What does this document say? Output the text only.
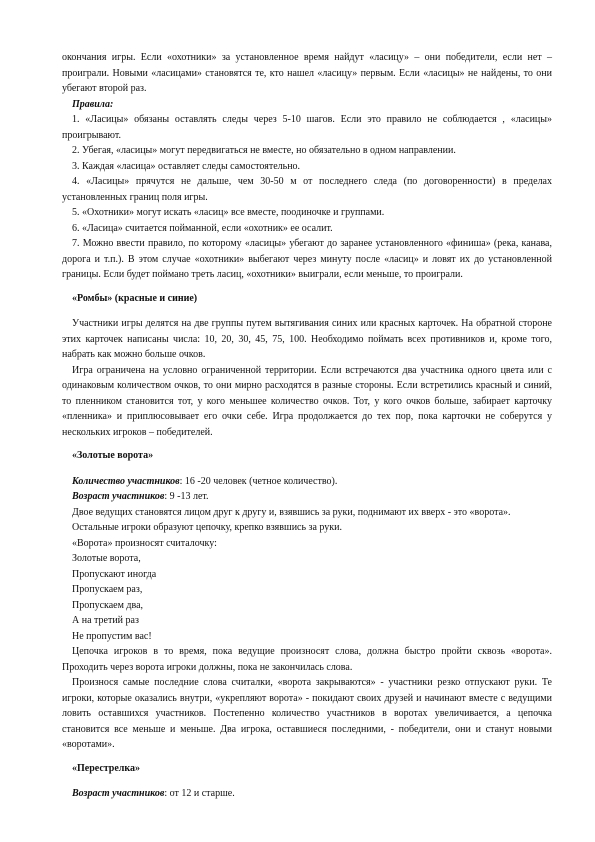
окончания игры. Если «охотники» за установленное время найдут «ласицу» – они победители, если нет – проиграли. Новыми «ласицами» становятся те, кто нашел «ласицу» первым. Если «ласицы» не найдены, то они убегают второй раз.

Правила:

1. «Ласицы» обязаны оставлять следы через 5-10 шагов. Если это правило не соблюдается , «ласицы» проигрывают.

2. Убегая, «ласицы» могут передвигаться не вместе, но обязательно в одном направлении.

3. Каждая «ласица» оставляет следы самостоятельно.

4. «Ласицы» прячутся не дальше, чем 30-50 м от последнего следа (по договоренности) в пределах установленных границ поля игры.

5. «Охотники» могут искать «ласиц» все вместе, поодиночке и группами.

6. «Ласица» считается пойманной, если «охотник» ее осалит.

7. Можно ввести правило, по которому «ласицы» убегают до заранее установленного «финиша» (река, канава, дорога и т.п.). В этом случае «охотники» выбегают через минуту после «ласиц» и ловят их до установленной границы. Если будет поймано треть ласиц, «охотники» выиграли, если меньше, то проиграли.

«Ромбы» (красные и синие)

Участники игры делятся на две группы путем вытягивания синих или красных карточек. На обратной стороне этих карточек написаны числа: 10, 20, 30, 45, 75, 100. Необходимо поймать всех противников и, кроме того, набрать как можно больше очков.

Игра ограничена на условно ограниченной территории. Если встречаются два участника одного цвета или с одинаковым количеством очков, то они мирно расходятся в разные стороны. Если встретились красный и синий, то пленником становится тот, у кого меньшее количество очков. Тот, у кого очков больше, забирает карточку «пленника» и приплюсовывает его очки себе. Игра продолжается до тех пор, пока карточки не соберутся у нескольких игроков – победителей.

«Золотые ворота»

Количество участников: 16 -20 человек (четное количество).

Возраст участников: 9 -13 лет.

Двое ведущих становятся лицом друг к другу и, взявшись за руки, поднимают их вверх - это «ворота».

Остальные игроки образуют цепочку, крепко взявшись за руки.

«Ворота» произносят считалочку:

Золотые ворота,

Пропускают иногда

Пропускаем раз,

Пропускаем два,

А на третий раз

Не пропустим вас!

Цепочка игроков в то время, пока ведущие произносят слова, должна быстро пройти сквозь «ворота». Проходить через ворота игроки должны, пока не закончилась слова.

Произнося самые последние слова считалки, «ворота закрываются» - участники резко отпускают руки. Те игроки, которые оказались внутри, «укрепляют ворота» - покидают своих друзей и начинают вместе с ведущими ловить оставшихся участников. Постепенно количество участников в воротах увеличивается, а цепочка становится все меньше и меньше. Два игрока, оставшиеся последними, - победители, они и станут новыми «воротами».

«Перестрелка»

Возраст участников: от 12 и старше.
